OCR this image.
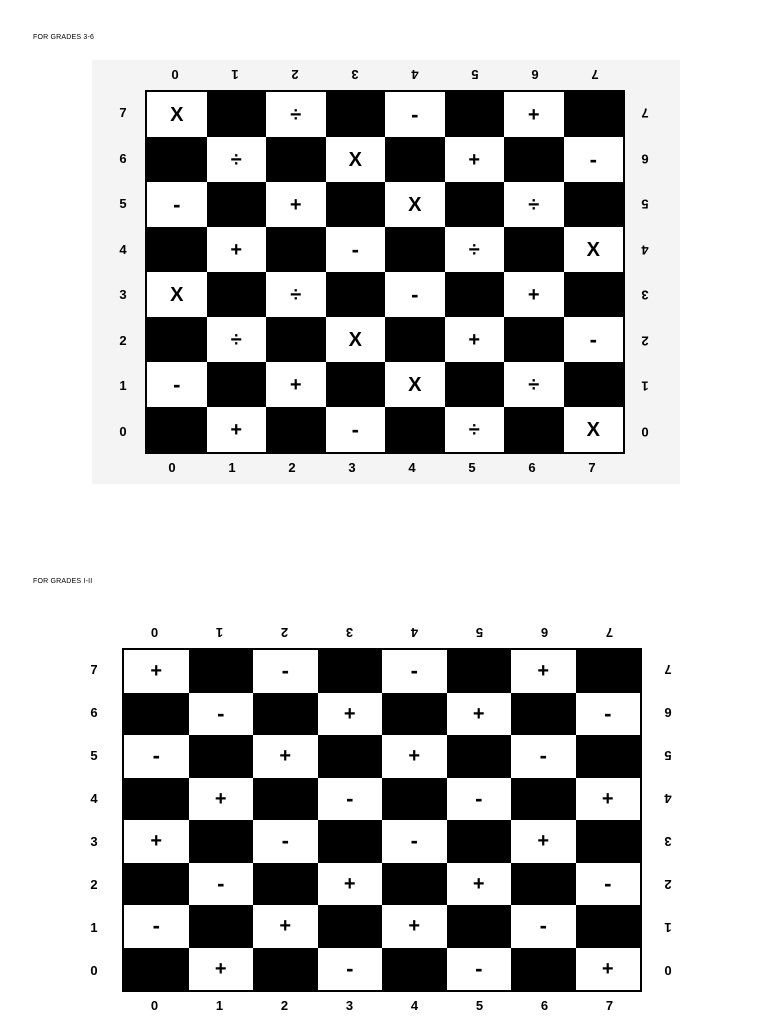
FOR GRADES 3-6
X	÷	-	+
÷	X	+	-
-	+	X	÷
+	-	÷	X
X	÷	-	+
÷	X	+	-
-	+	X	÷
+	-	÷	X
0
0
1
1
2
2
3
3
4
4
5
5
6
6
7
7
7	7
6	6
5	5
4	4
3	3
2	2
1	1
0	0
FOR GRADES I-II
+	-	-	+
-	+	+	-
-	+	+	-
+	-	-	+
+	-	-	+
-	+	+	-
-	+	+	-
+	-	-	+
0
0
1
1
2
2
3
3
4
4
5
5
6
6
7
7
7	7
6	6
5	5
4	4
3	3
2	2
1	1
0	0
